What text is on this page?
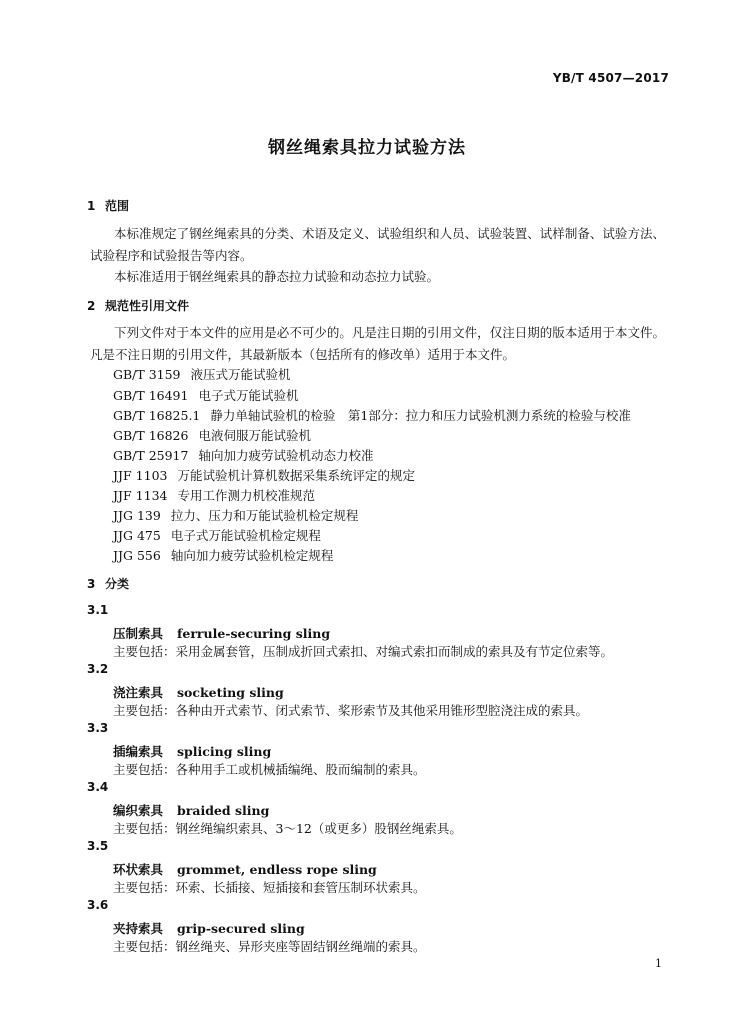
YB/T 4507—2017
钢丝绳索具拉力试验方法
1 范围
本标准规定了钢丝绳索具的分类、术语及定义、试验组织和人员、试验装置、试样制备、试验方法、试验程序和试验报告等内容。
本标准适用于钢丝绳索具的静态拉力试验和动态拉力试验。
2 规范性引用文件
下列文件对于本文件的应用是必不可少的。凡是注日期的引用文件，仅注日期的版本适用于本文件。凡是不注日期的引用文件，其最新版本（包括所有的修改单）适用于本文件。
GB/T 3159 液压式万能试验机
GB/T 16491 电子式万能试验机
GB/T 16825.1 静力单轴试验机的检验　第1部分：拉力和压力试验机测力系统的检验与校准
GB/T 16826 电液伺服万能试验机
GB/T 25917 轴向加力疲劳试验机动态力校准
JJF 1103 万能试验机计算机数据采集系统评定的规定
JJF 1134 专用工作测力机校准规范
JJG 139 拉力、压力和万能试验机检定规程
JJG 475 电子式万能试验机检定规程
JJG 556 轴向加力疲劳试验机检定规程
3 分类
3.1
压制索具 ferrule-securing sling
主要包括：采用金属套管，压制成折回式索扣、对编式索扣而制成的索具及有节定位索等。
3.2
浇注索具 socketing sling
主要包括：各种由开式索节、闭式索节、桨形索节及其他采用锥形型腔浇注成的索具。
3.3
插编索具 splicing sling
主要包括：各种用手工或机械插编绳、股而编制的索具。
3.4
编织索具 braided sling
主要包括：钢丝绳编织索具、3～12（或更多）股钢丝绳索具。
3.5
环状索具 grommet, endless rope sling
主要包括：环索、长插接、短插接和套管压制环状索具。
3.6
夹持索具 grip-secured sling
主要包括：钢丝绳夹、异形夹座等固结钢丝绳端的索具。
1
